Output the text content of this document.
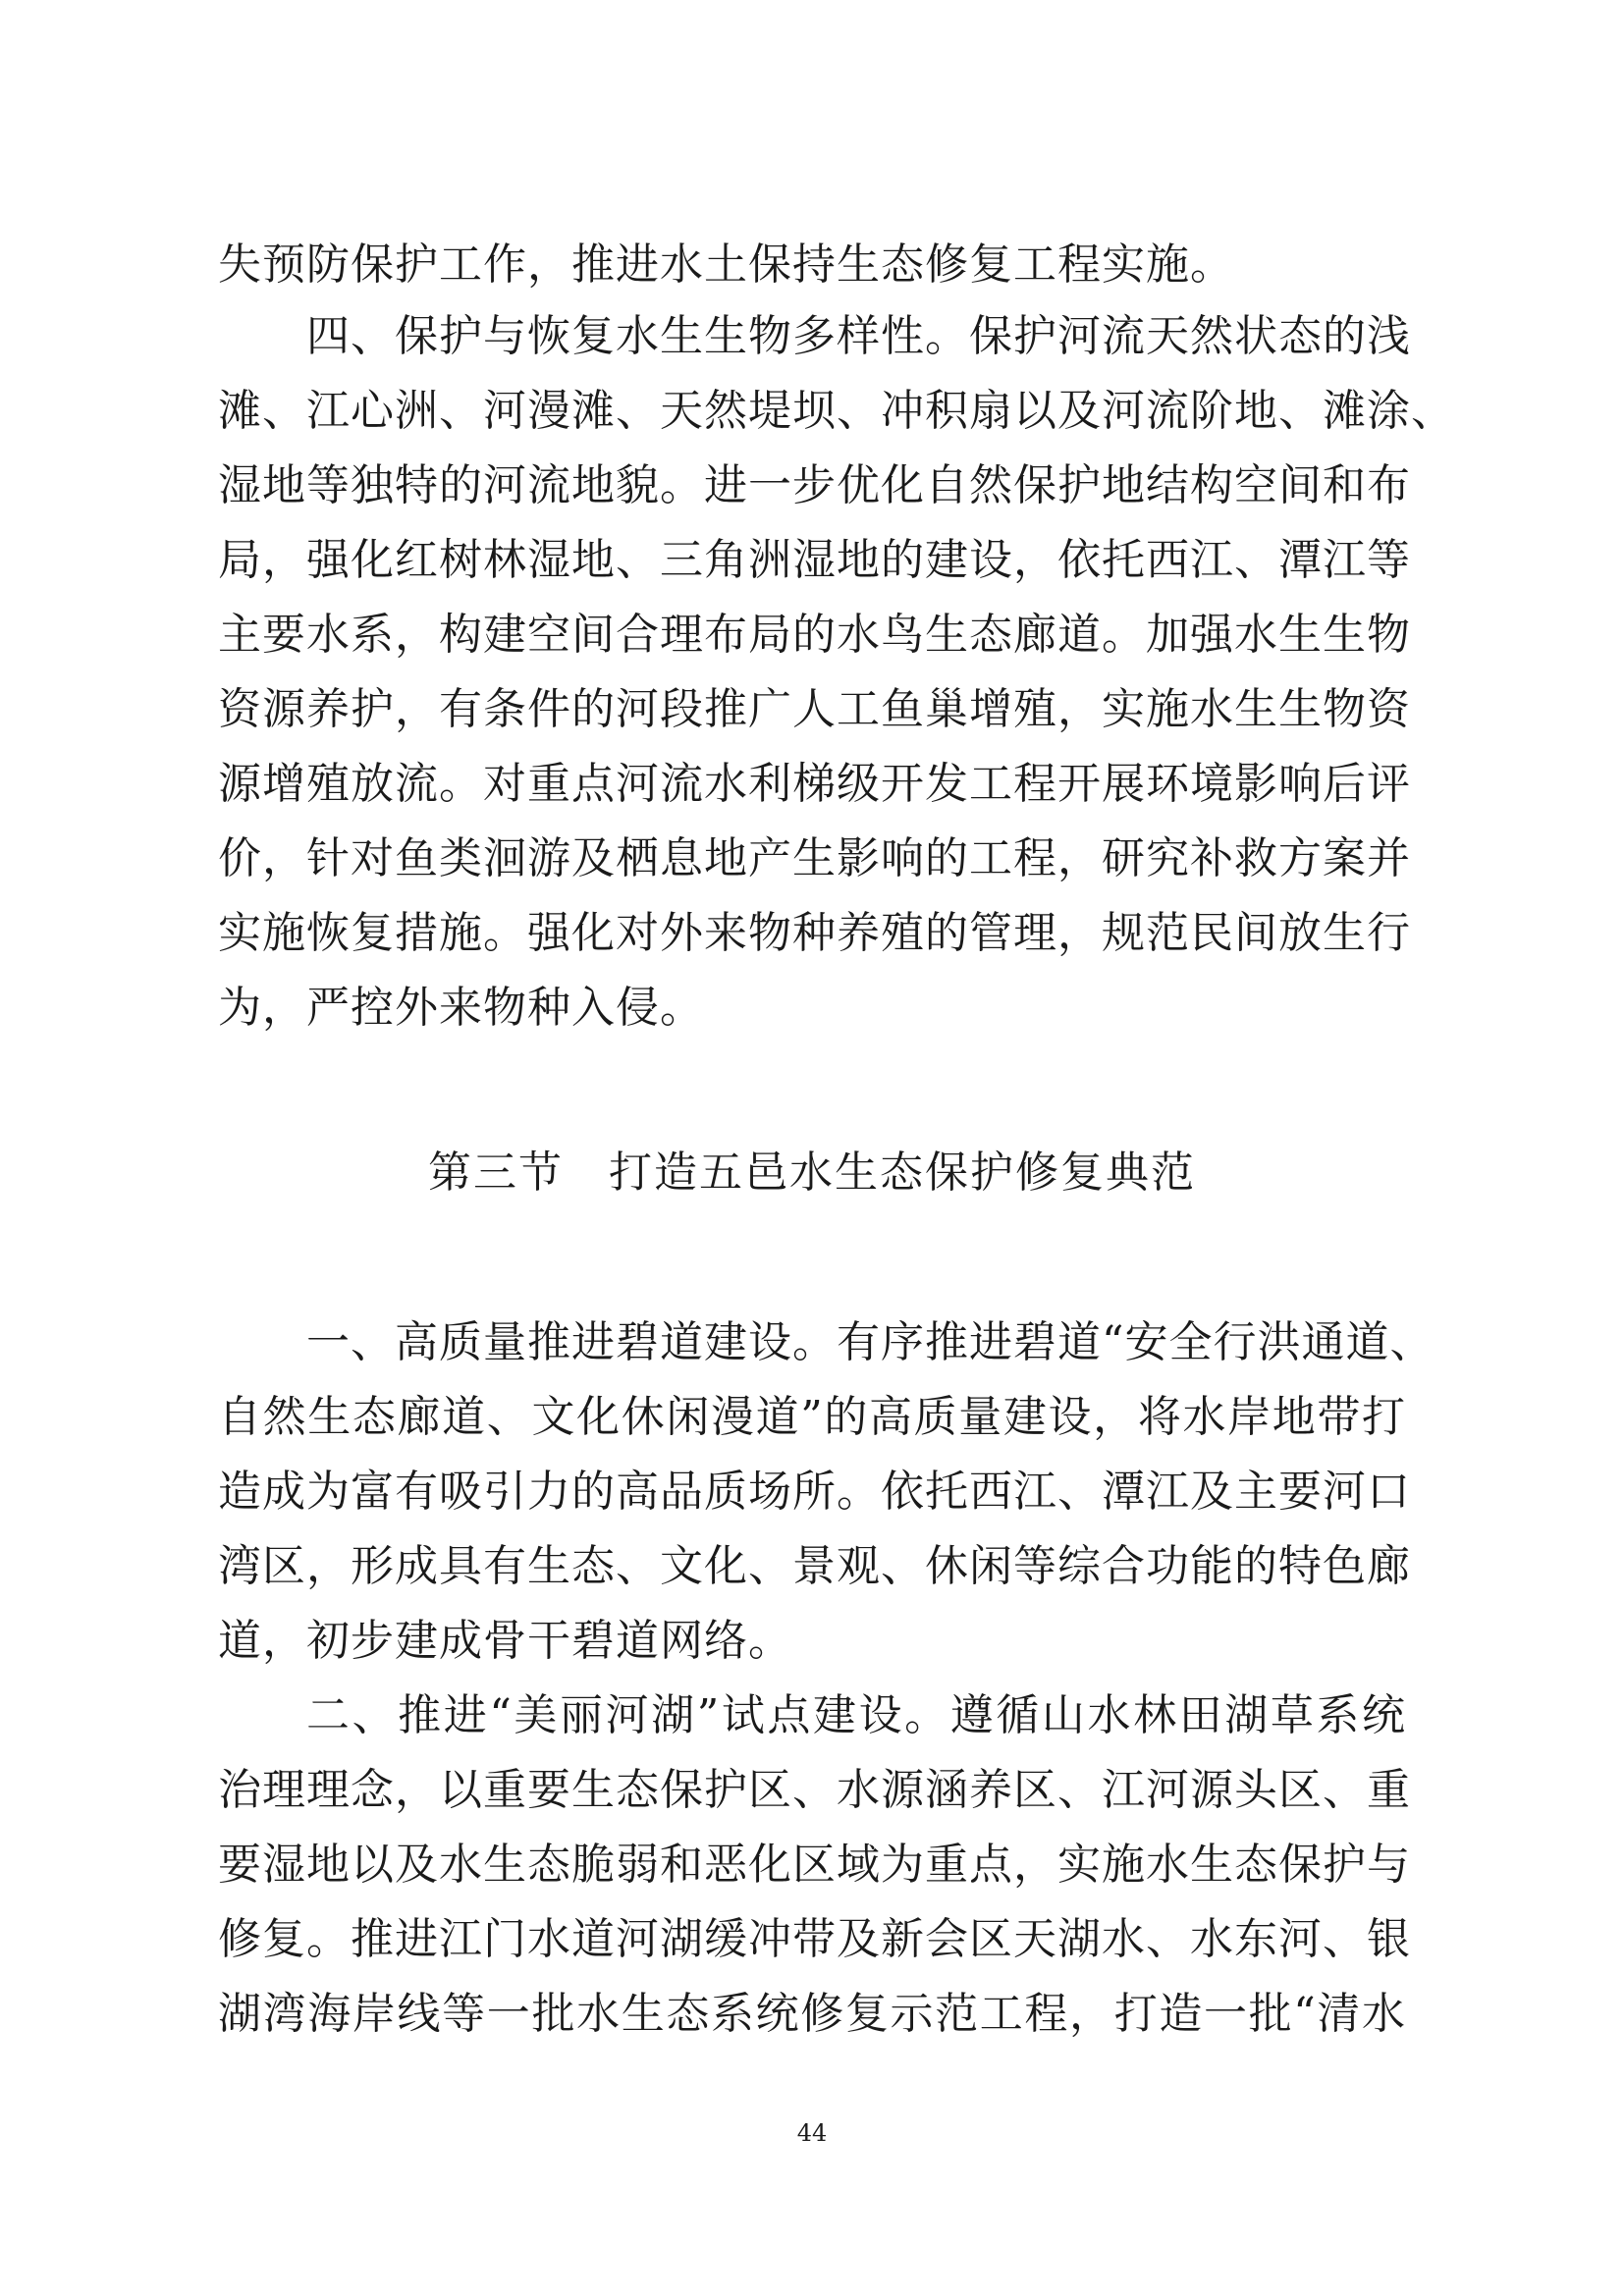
失预防保护工作，推进水土保持生态修复工程实施。
四、保护与恢复水生生物多样性。保护河流天然状态的浅
滩、江心洲、河漫滩、天然堤坝、冲积扇以及河流阶地、滩涂、
湿地等独特的河流地貌。进一步优化自然保护地结构空间和布
局，强化红树林湿地、三角洲湿地的建设，依托西江、潭江等
主要水系，构建空间合理布局的水鸟生态廊道。加强水生生物
资源养护，有条件的河段推广人工鱼巢增殖，实施水生生物资
源增殖放流。对重点河流水利梯级开发工程开展环境影响后评
价，针对鱼类洄游及栖息地产生影响的工程，研究补救方案并
实施恢复措施。强化对外来物种养殖的管理，规范民间放生行
为，严控外来物种入侵。
第三节　打造五邑水生态保护修复典范
一、高质量推进碧道建设。有序推进碧道“安全行洪通道、
自然生态廊道、文化休闲漫道”的高质量建设，将水岸地带打
造成为富有吸引力的高品质场所。依托西江、潭江及主要河口
湾区，形成具有生态、文化、景观、休闲等综合功能的特色廊
道，初步建成骨干碧道网络。
二、推进“美丽河湖”试点建设。遵循山水林田湖草系统
治理理念，以重要生态保护区、水源涵养区、江河源头区、重
要湿地以及水生态脆弱和恶化区域为重点，实施水生态保护与
修复。推进江门水道河湖缓冲带及新会区天湖水、水东河、银
湖湾海岸线等一批水生态系统修复示范工程，打造一批“清水
44
